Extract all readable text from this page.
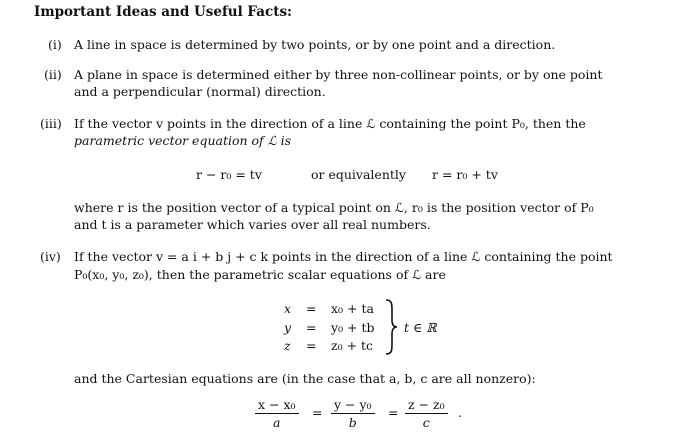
Important Ideas and Useful Facts:
(i) A line in space is determined by two points, or by one point and a direction.
(ii) A plane in space is determined either by three non-collinear points, or by one point
and a perpendicular (normal) direction.
(iii) If the vector v points in the direction of a line ℒ containing the point P₀, then the
parametric vector equation of ℒ is
r − r₀ = tv	or equivalently r = r₀ + tv
where r is the position vector of a typical point on ℒ, r₀ is the position vector of P₀
and t is a parameter which varies over all real numbers.
(iv) If the vector v = a i + b j + c k points in the direction of a line ℒ containing the point
P₀(x₀, y₀, z₀), then the parametric scalar equations of ℒ are
x = x₀ + ta
y = y₀ + tb
z = z₀ + tc
t ∈ ℝ
and the Cartesian equations are (in the case that a, b, c are all nonzero):
$\frac{\text{x − x₀}}{a} = \frac{\text{y − y₀}}{b} = \frac{\text{z − z₀}}{c}$ .
